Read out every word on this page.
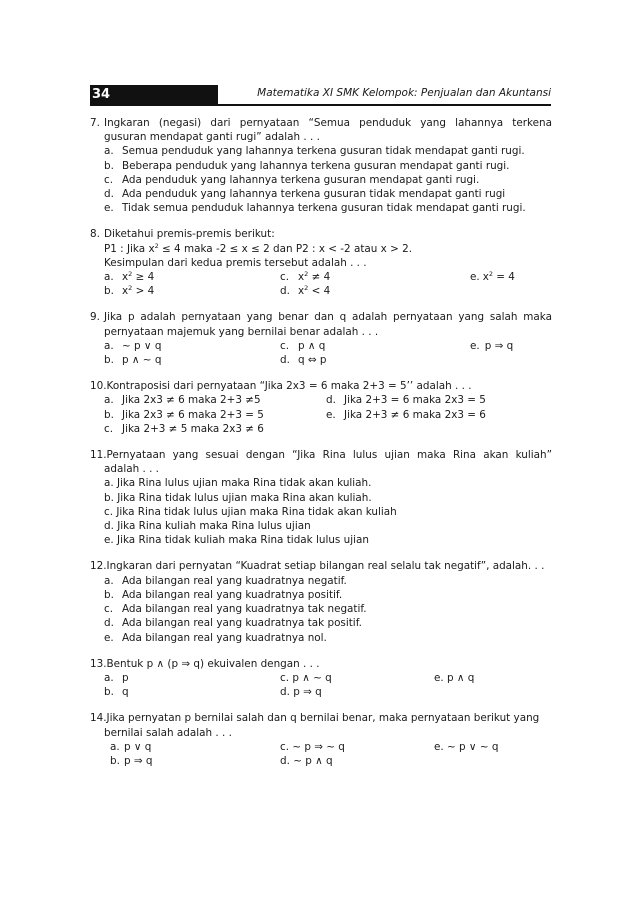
34	Matematika XI SMK Kelompok: Penjualan dan Akuntansi
7. Ingkaran (negasi) dari pernyataan “Semua penduduk yang lahannya terkena
gusuran mendapat ganti rugi” adalah . . .
a. Semua penduduk yang lahannya terkena gusuran tidak mendapat ganti rugi.
b. Beberapa penduduk yang lahannya terkena gusuran mendapat ganti rugi.
c. Ada penduduk yang lahannya terkena gusuran mendapat ganti rugi.
d. Ada penduduk yang lahannya terkena gusuran tidak mendapat ganti rugi
e. Tidak semua penduduk lahannya terkena gusuran tidak mendapat ganti rugi.
8. Diketahui premis-premis berikut:
P1 : Jika $x^2 \le 4$ maka -2 ≤ x ≤ 2 dan P2 : x < -2 atau x > 2.
Kesimpulan dari kedua premis tersebut adalah . . .
a. $x^2 \ge 4$	c. $x^2 \ne 4$	e. $x^2 = 4$
b. $x^2 > 4$	d. $x^2 < 4$
9. Jika p adalah pernyataan yang benar dan q adalah pernyataan yang salah maka
pernyataan majemuk yang bernilai benar adalah . . .
a. ~ p ∨ q	c. p ∧ q	e. p ⇒ q
b. p ∧ ~ q	d. q ⇔ p
10. Kontraposisi dari pernyataan “Jika 2x3 = 6 maka 2+3 = 5’’ adalah . . .
a. Jika 2x3 ≠ 6 maka 2+3 ≠5	d. Jika 2+3 = 6 maka 2x3 = 5
b. Jika 2x3 ≠ 6 maka 2+3 = 5	e. Jika 2+3 ≠ 6 maka 2x3 = 6
c. Jika 2+3 ≠ 5 maka 2x3 ≠ 6
11. Pernyataan yang sesuai dengan “Jika Rina lulus ujian maka Rina akan kuliah”
adalah . . .
a. Jika Rina lulus ujian maka Rina tidak akan kuliah.
b. Jika Rina tidak lulus ujian maka Rina akan kuliah.
c. Jika Rina tidak lulus ujian maka Rina tidak akan kuliah
d. Jika Rina kuliah maka Rina lulus ujian
e. Jika Rina tidak kuliah maka Rina tidak lulus ujian
12. Ingkaran dari pernyatan “Kuadrat setiap bilangan real selalu tak negatif”, adalah. . .
a. Ada bilangan real yang kuadratnya negatif.
b. Ada bilangan real yang kuadratnya positif.
c. Ada bilangan real yang kuadratnya tak negatif.
d. Ada bilangan real yang kuadratnya tak positif.
e. Ada bilangan real yang kuadratnya nol.
13. Bentuk p ∧ (p ⇒ q) ekuivalen dengan . . .
a. p	c. p ∧ ~ q	e. p ∧ q
b. q	d. p ⇒ q
14. Jika pernyatan p bernilai salah dan q bernilai benar, maka pernyataan berikut yang
bernilai salah adalah . . .
a. p ∨ q	c. ~ p ⇒ ~ q	e. ~ p ∨ ~ q
b. p ⇒ q	d. ~ p ∧ q
